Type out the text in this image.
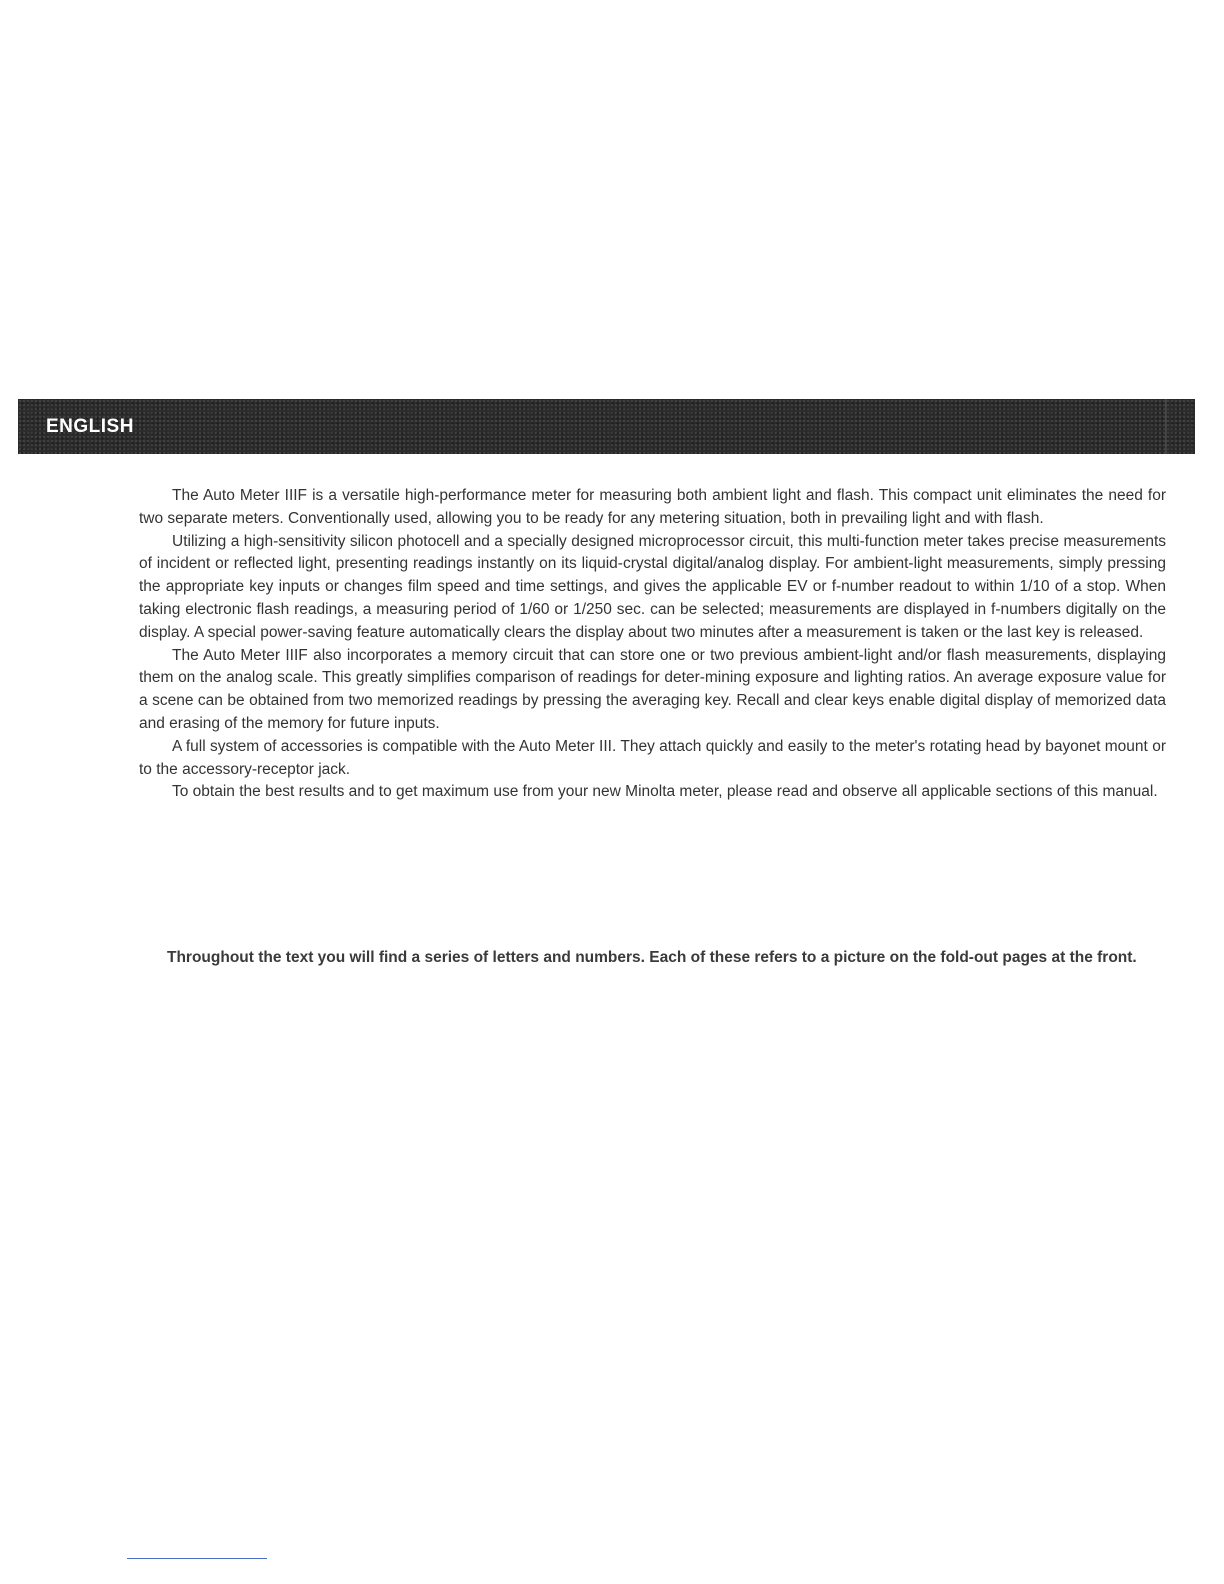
ENGLISH

The Auto Meter IIIF is a versatile high-performance meter for measuring both ambient light and flash. This compact unit eliminates the need for two separate meters. Conventionally used, allowing you to be ready for any metering situation, both in prevailing light and with flash.

Utilizing a high-sensitivity silicon photocell and a specially designed microprocessor circuit, this multi-function meter takes precise measurements of incident or reflected light, presenting readings instantly on its liquid-crystal digital/analog display. For ambient-light measurements, simply pressing the appropriate key inputs or changes film speed and time settings, and gives the applicable EV or f-number readout to within 1/10 of a stop. When taking electronic flash readings, a measuring period of 1/60 or 1/250 sec. can be selected; measurements are displayed in f-numbers digitally on the display. A special power-saving feature automatically clears the display about two minutes after a measurement is taken or the last key is released.

The Auto Meter IIIF also incorporates a memory circuit that can store one or two previous ambient-light and/or flash measurements, displaying them on the analog scale. This greatly simplifies comparison of readings for deter-mining exposure and lighting ratios. An average exposure value for a scene can be obtained from two memorized readings by pressing the averaging key. Recall and clear keys enable digital display of memorized data and erasing of the memory for future inputs.

A full system of accessories is compatible with the Auto Meter III. They attach quickly and easily to the meter's rotating head by bayonet mount or to the accessory-receptor jack.

To obtain the best results and to get maximum use from your new Minolta meter, please read and observe all applicable sections of this manual.

Throughout the text you will find a series of letters and numbers. Each of these refers to a picture on the fold-out pages at the front.
